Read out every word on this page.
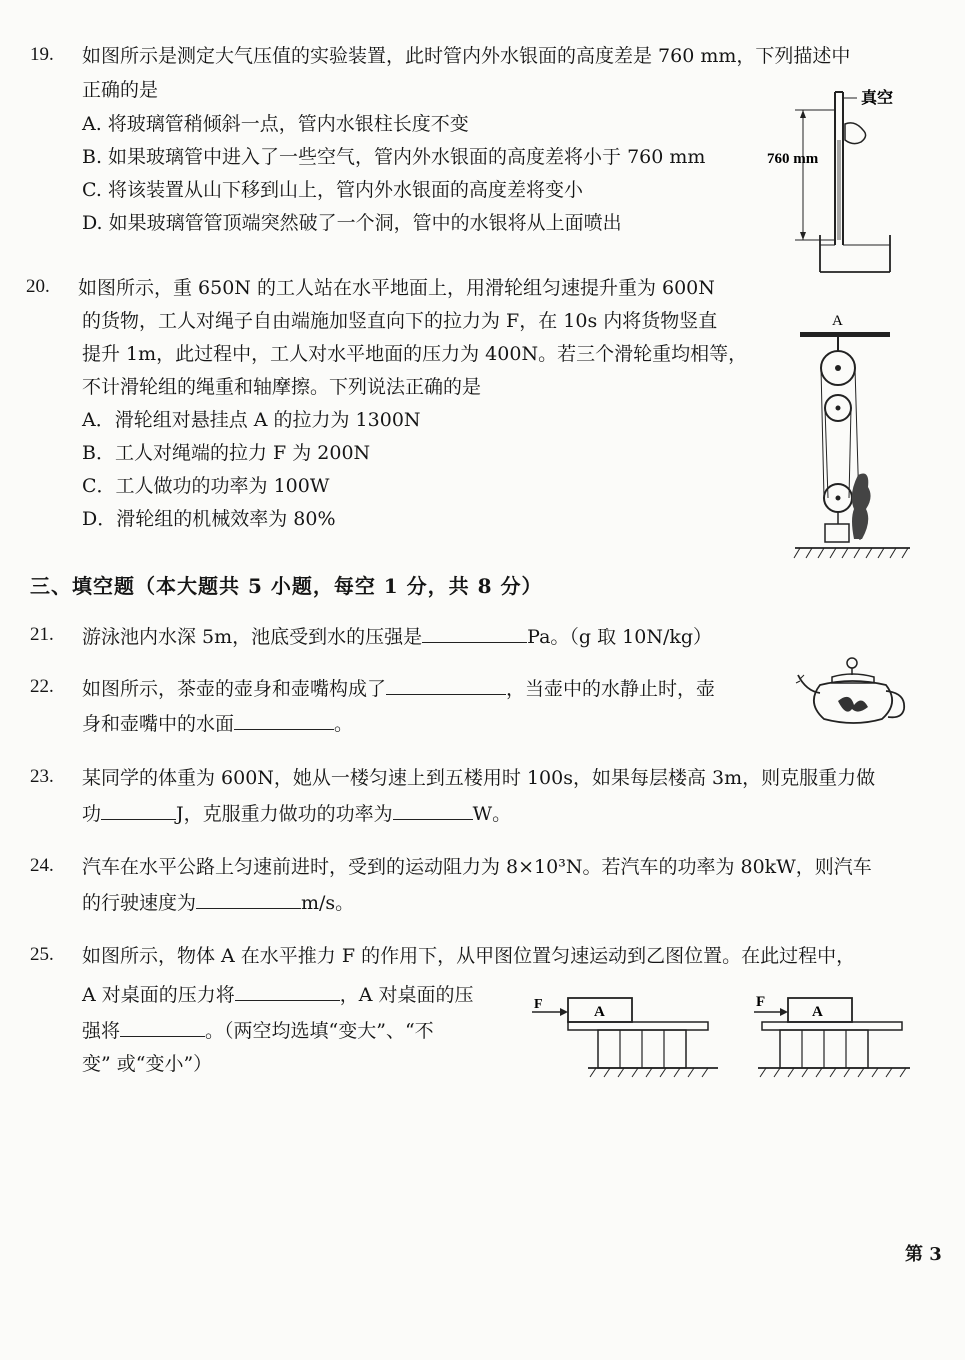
19. 如图所示是测定大气压值的实验装置，此时管内外水银面的高度差是 760 mm，下列描述中
正确的是
A. 将玻璃管稍倾斜一点，管内水银柱长度不变
B. 如果玻璃管中进入了一些空气，管内外水银面的高度差将小于 760 mm
C. 将该装置从山下移到山上，管内外水银面的高度差将变小
D. 如果玻璃管管顶端突然破了一个洞，管中的水银将从上面喷出
真空
760 mm
20. 如图所示，重 650N 的工人站在水平地面上，用滑轮组匀速提升重为 600N
的货物，工人对绳子自由端施加竖直向下的拉力为 F，在 10s 内将货物竖直
提升 1m，此过程中，工人对水平地面的压力为 400N。若三个滑轮重均相等，
不计滑轮组的绳重和轴摩擦。下列说法正确的是
A．滑轮组对悬挂点 A 的拉力为 1300N
B．工人对绳端的拉力 F 为 200N
C．工人做功的功率为 100W
D．滑轮组的机械效率为 80%
A
三、填空题（本大题共 5 小题，每空 1 分，共 8 分）
21. 游泳池内水深 5m，池底受到水的压强是	Pa。（g 取 10N/kg）
22. 如图所示，茶壶的壶身和壶嘴构成了	，当壶中的水静止时，壶
身和壶嘴中的水面	。
23. 某同学的体重为 600N，她从一楼匀速上到五楼用时 100s，如果每层楼高 3m，则克服重力做
功	J，克服重力做功的功率为	W。
24. 汽车在水平公路上匀速前进时，受到的运动阻力为 8×10³N。若汽车的功率为 80kW，则汽车
的行驶速度为	m/s。
25. 如图所示，物体 A 在水平推力 F 的作用下，从甲图位置匀速运动到乙图位置。在此过程中，
A 对桌面的压力将	，A 对桌面的压
强将	。（两空均选填“变大”、“不
变” 或“变小”）
F	A
F
A
第 3
